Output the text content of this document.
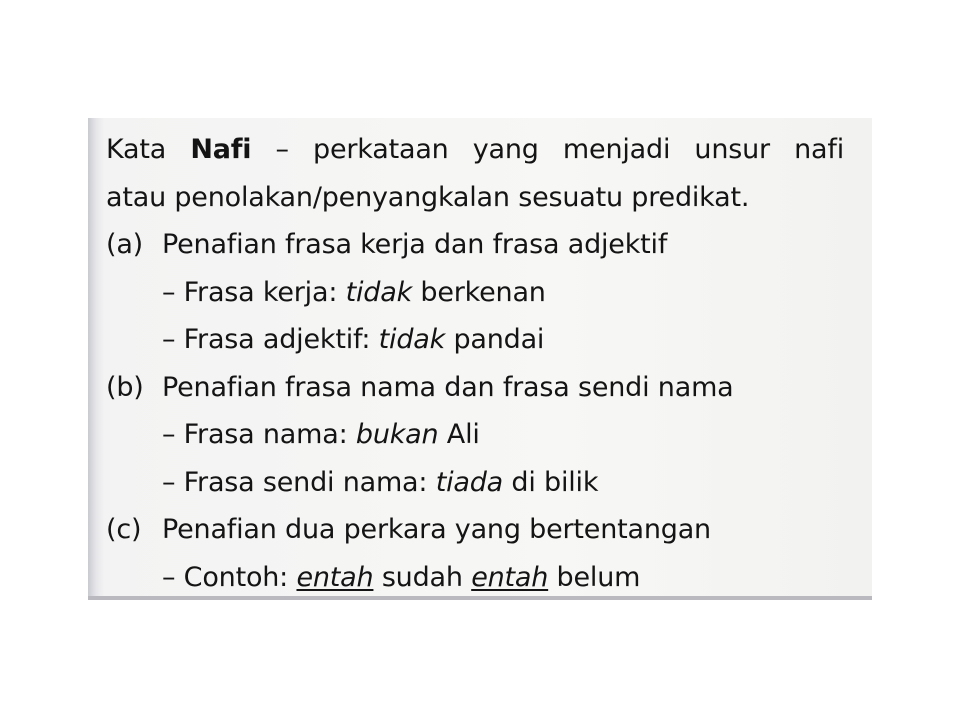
Kata Nafi – perkataan yang menjadi unsur nafi
atau penolakan/penyangkalan sesuatu predikat.
(a) Penafian frasa kerja dan frasa adjektif
– Frasa kerja: tidak berkenan
– Frasa adjektif: tidak pandai
(b) Penafian frasa nama dan frasa sendi nama
– Frasa nama: bukan Ali
– Frasa sendi nama: tiada di bilik
(c) Penafian dua perkara yang bertentangan
– Contoh: entah sudah entah belum
